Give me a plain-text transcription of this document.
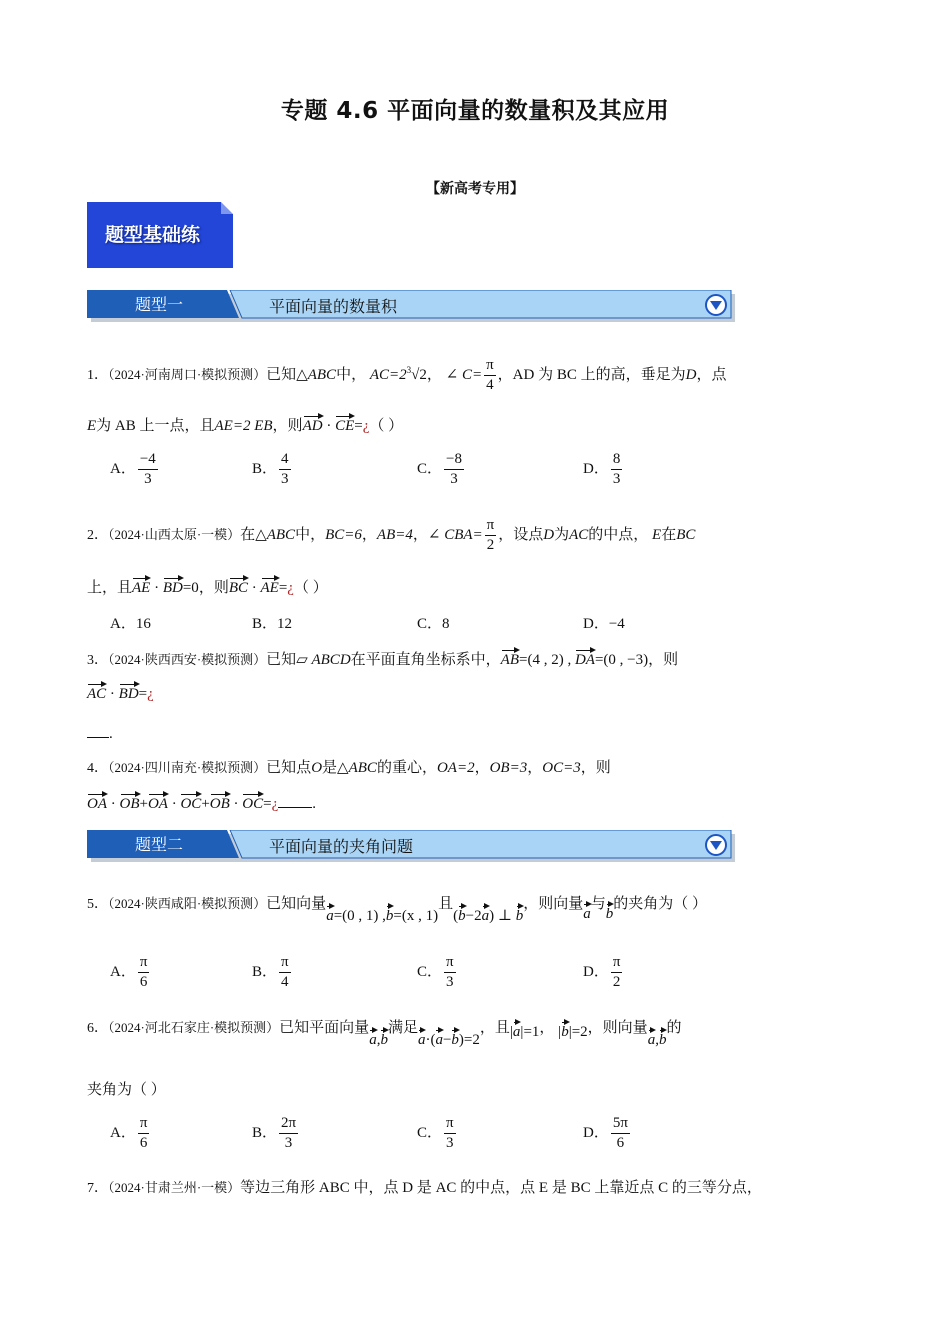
专题 4.6 平面向量的数量积及其应用
【新高考专用】
题型基础练
题型一	平面向量的数量积
1．（2024·河南周口·模拟预测）已知△ABC中， $AC=2^3√2$， ∠ $C= \frac{\pi}{4}$ ，AD 为 BC 上的高，垂足为D，点
E为 AB 上一点，且AE=2 EB，则AD · CE=¿（ ）
A． $\frac{-4}{3}$	B． $\frac{4}{3}$	C． $\frac{-8}{3}$	D． $\frac{8}{3}$
2．（2024·山西太原·一模）在△ABC中，BC=6，AB=4，∠ $CBA= \frac{\pi}{2}$ ，设点D为AC的中点， E在BC
上，且AE · BD=0，则BC · AE=¿（ ）
A．16	B．12	C．8	D．−4
3．（2024·陕西西安·模拟预测）已知▱ ABCD在平面直角坐标系中，AB=(4 , 2) , DA=(0 , −3)，则
AC · BD=¿
.
4．（2024·四川南充·模拟预测）已知点O是△ABC的重心，OA=2，OB=3，OC=3，则
OA · OB+OA · OC+OB · OC=¿ .
题型二	平面向量的夹角问题
5．（2024·陕西咸阳·模拟预测）已知向量a=(0 , 1) ,b=(x , 1)且(b−2a) ⊥ b，则向量a与b的夹角为（ ）
A． $\frac{\pi}{6}$	B． $\frac{\pi}{4}$	C． $\frac{\pi}{3}$	D． $\frac{\pi}{2}$
6．（2024·河北石家庄·模拟预测）已知平面向量a,b满足a·(a−b)=2，且|a|=1， |b|=2，则向量a,b的
夹角为（ ）
A． $\frac{\pi}{6}$	B． $\frac{2\pi}{3}$	C． $\frac{\pi}{3}$	D． $\frac{5\pi}{6}$
7．（2024·甘肃兰州·一模）等边三角形 ABC 中，点 D 是 AC 的中点，点 E 是 BC 上靠近点 C 的三等分点，
